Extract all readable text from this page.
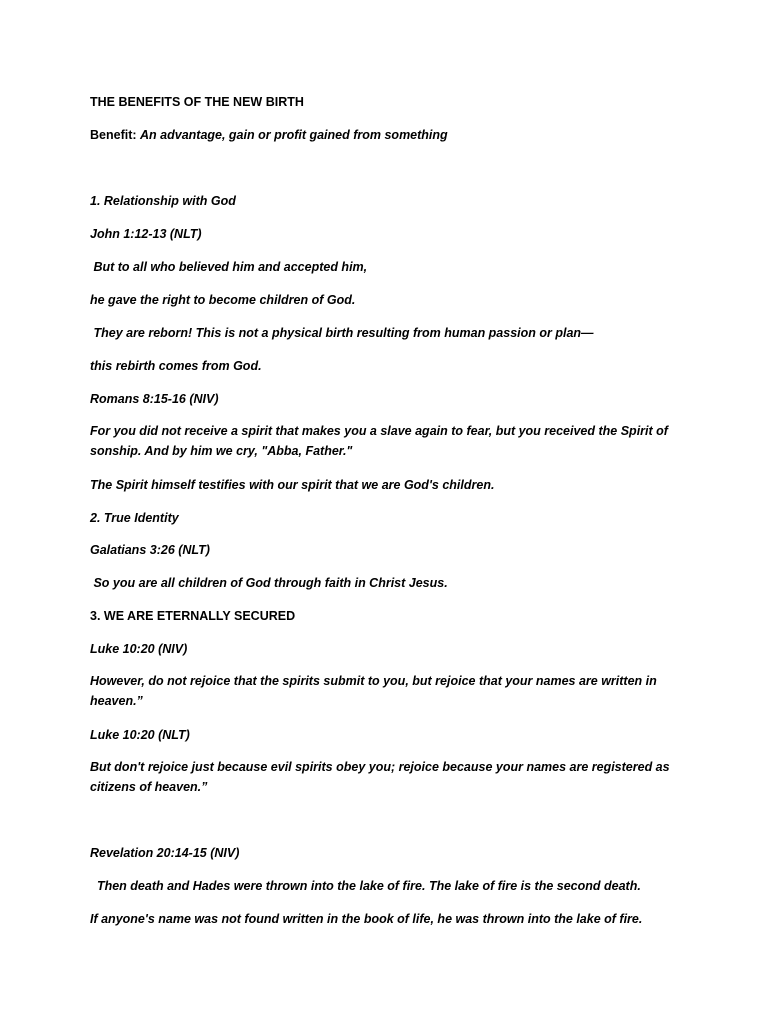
THE BENEFITS OF THE NEW BIRTH

Benefit: An advantage, gain or profit gained from something

1. Relationship with God

John 1:12-13 (NLT)

But to all who believed him and accepted him,

he gave the right to become children of God.

They are reborn! This is not a physical birth resulting from human passion or plan—

this rebirth comes from God.

Romans 8:15-16 (NIV)

For you did not receive a spirit that makes you a slave again to fear, but you received the Spirit of sonship. And by him we cry, "Abba, Father."

The Spirit himself testifies with our spirit that we are God's children.

2. True Identity

Galatians 3:26 (NLT)

So you are all children of God through faith in Christ Jesus.

3. WE ARE ETERNALLY SECURED

Luke 10:20 (NIV)

However, do not rejoice that the spirits submit to you, but rejoice that your names are written in heaven.”

Luke 10:20 (NLT)

But don't rejoice just because evil spirits obey you; rejoice because your names are registered as citizens of heaven.”

Revelation 20:14-15 (NIV)

Then death and Hades were thrown into the lake of fire. The lake of fire is the second death.

If anyone's name was not found written in the book of life, he was thrown into the lake of fire.
